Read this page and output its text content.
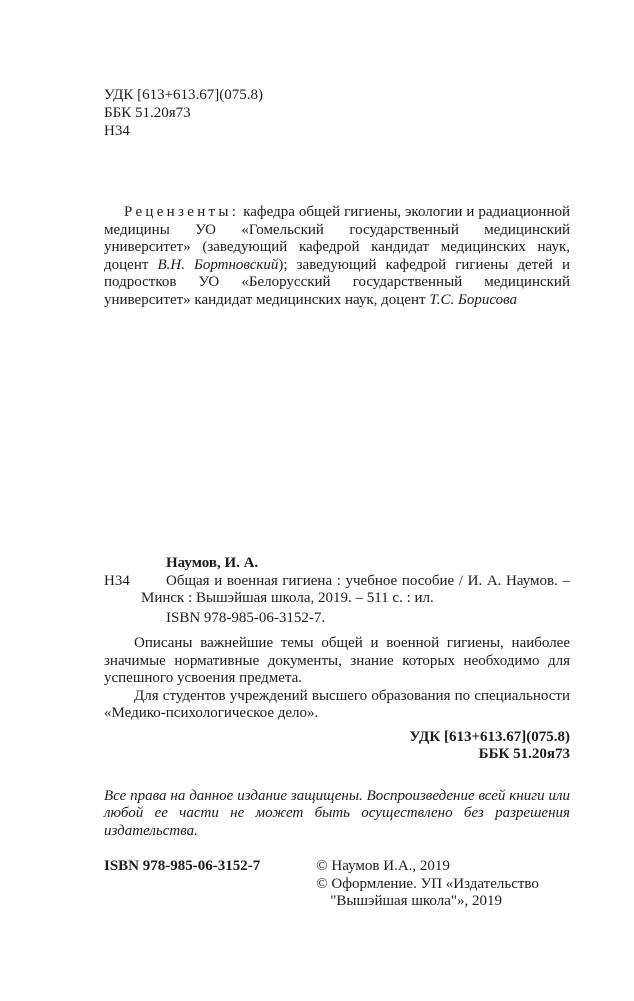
УДК [613+613.67](075.8)

ББК 51.20я73

Н34

Рецензенты: кафедра общей гигиены, экологии и радиационной медицины УО «Гомельский государственный медицинский университет» (заведующий кафедрой кандидат медицинских наук, доцент В.Н. Бортновский); заведующий кафедрой гигиены детей и подростков УО «Белорусский государственный медицинский университет» кандидат медицинских наук, доцент Т.С. Борисова

Наумов, И. А.

Н34	Общая и военная гигиена : учебное пособие / И. А. Наумов. – Минск : Вышэйшая школа, 2019. – 511 с. : ил.

ISBN 978-985-06-3152-7.

Описаны важнейшие темы общей и военной гигиены, наиболее значимые нормативные документы, знание которых необходимо для успешного усвоения предмета.

Для студентов учреждений высшего образования по специальности «Медико-психологическое дело».

УДК [613+613.67](075.8)

ББК 51.20я73

Все права на данное издание защищены. Воспроизведение всей книги или любой ее части не может быть осуществлено без разрешения издательства.

ISBN 978-985-06-3152-7	© Наумов И.А., 2019

© Оформление. УП «Издательство

"Вышэйшая школа"», 2019
